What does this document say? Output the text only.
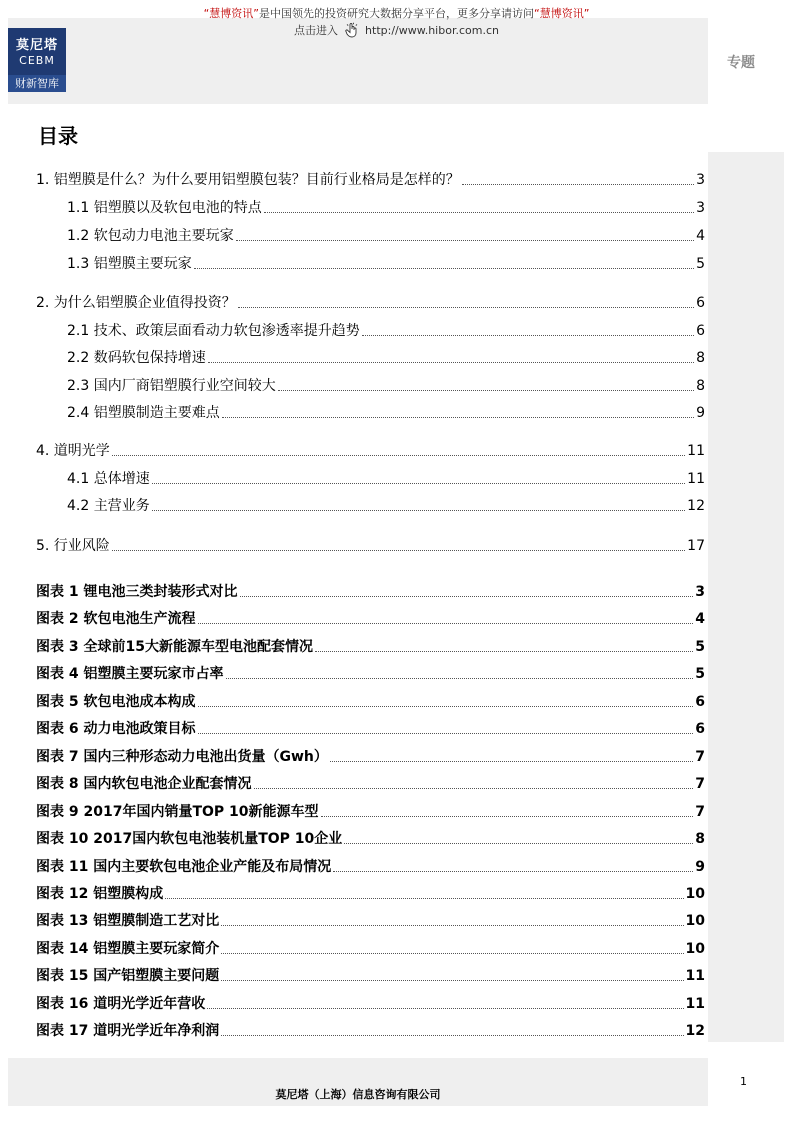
“慧博资讯”是中国领先的投资研究大数据分享平台，更多分享请访问“慧博资讯”
点击进入 http://www.hibor.com.cn
莫尼塔
CEBM
财新智库
专题
目录
1. 铝塑膜是什么？为什么要用铝塑膜包装？目前行业格局是怎样的？	3
1.1 铝塑膜以及软包电池的特点	3
1.2 软包动力电池主要玩家	4
1.3 铝塑膜主要玩家	5
2. 为什么铝塑膜企业值得投资？	6
2.1 技术、政策层面看动力软包渗透率提升趋势	6
2.2 数码软包保持增速	8
2.3 国内厂商铝塑膜行业空间较大	8
2.4 铝塑膜制造主要难点	9
4. 道明光学	11
4.1 总体增速	11
4.2 主营业务	12
5. 行业风险	17
图表 1 锂电池三类封装形式对比	3
图表 2 软包电池生产流程	4
图表 3 全球前15大新能源车型电池配套情况	5
图表 4 铝塑膜主要玩家市占率	5
图表 5 软包电池成本构成	6
图表 6 动力电池政策目标	6
图表 7 国内三种形态动力电池出货量（Gwh）	7
图表 8 国内软包电池企业配套情况	7
图表 9 2017年国内销量TOP 10新能源车型	7
图表 10 2017国内软包电池装机量TOP 10企业	8
图表 11 国内主要软包电池企业产能及布局情况	9
图表 12 铝塑膜构成	10
图表 13 铝塑膜制造工艺对比	10
图表 14 铝塑膜主要玩家简介	10
图表 15 国产铝塑膜主要问题	11
图表 16 道明光学近年营收	11
图表 17 道明光学近年净利润	12
莫尼塔（上海）信息咨询有限公司
1
